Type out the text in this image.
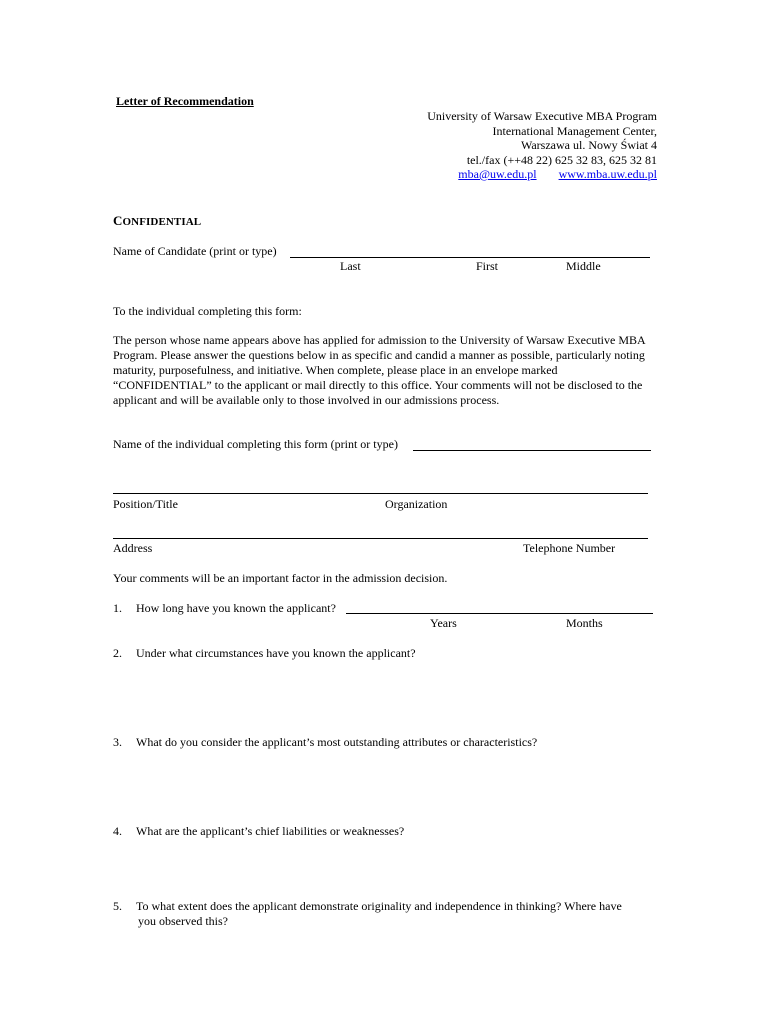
Letter of Recommendation
University of Warsaw Executive MBA Program
International Management Center,
Warszawa ul. Nowy Świat 4
tel./fax (++48 22) 625 32 83, 625 32 81
mba@uw.edu.pl www.mba.uw.edu.pl
CONFIDENTIAL
Name of Candidate (print or type)
Last	First	Middle
To the individual completing this form:
The person whose name appears above has applied for admission to the University of Warsaw Executive MBA Program. Please answer the questions below in as specific and candid a manner as possible, particularly noting maturity, purposefulness, and initiative. When complete, please place in an envelope marked “CONFIDENTIAL” to the applicant or mail directly to this office. Your comments will not be disclosed to the applicant and will be available only to those involved in our admissions process.
Name of the individual completing this form (print or type)
Position/Title	Organization
Address	Telephone Number
Your comments will be an important factor in the admission decision.
1. How long have you known the applicant?
Years	Months
2. Under what circumstances have you known the applicant?
3. What do you consider the applicant’s most outstanding attributes or characteristics?
4. What are the applicant’s chief liabilities or weaknesses?
5. To what extent does the applicant demonstrate originality and independence in thinking? Where have
you observed this?
